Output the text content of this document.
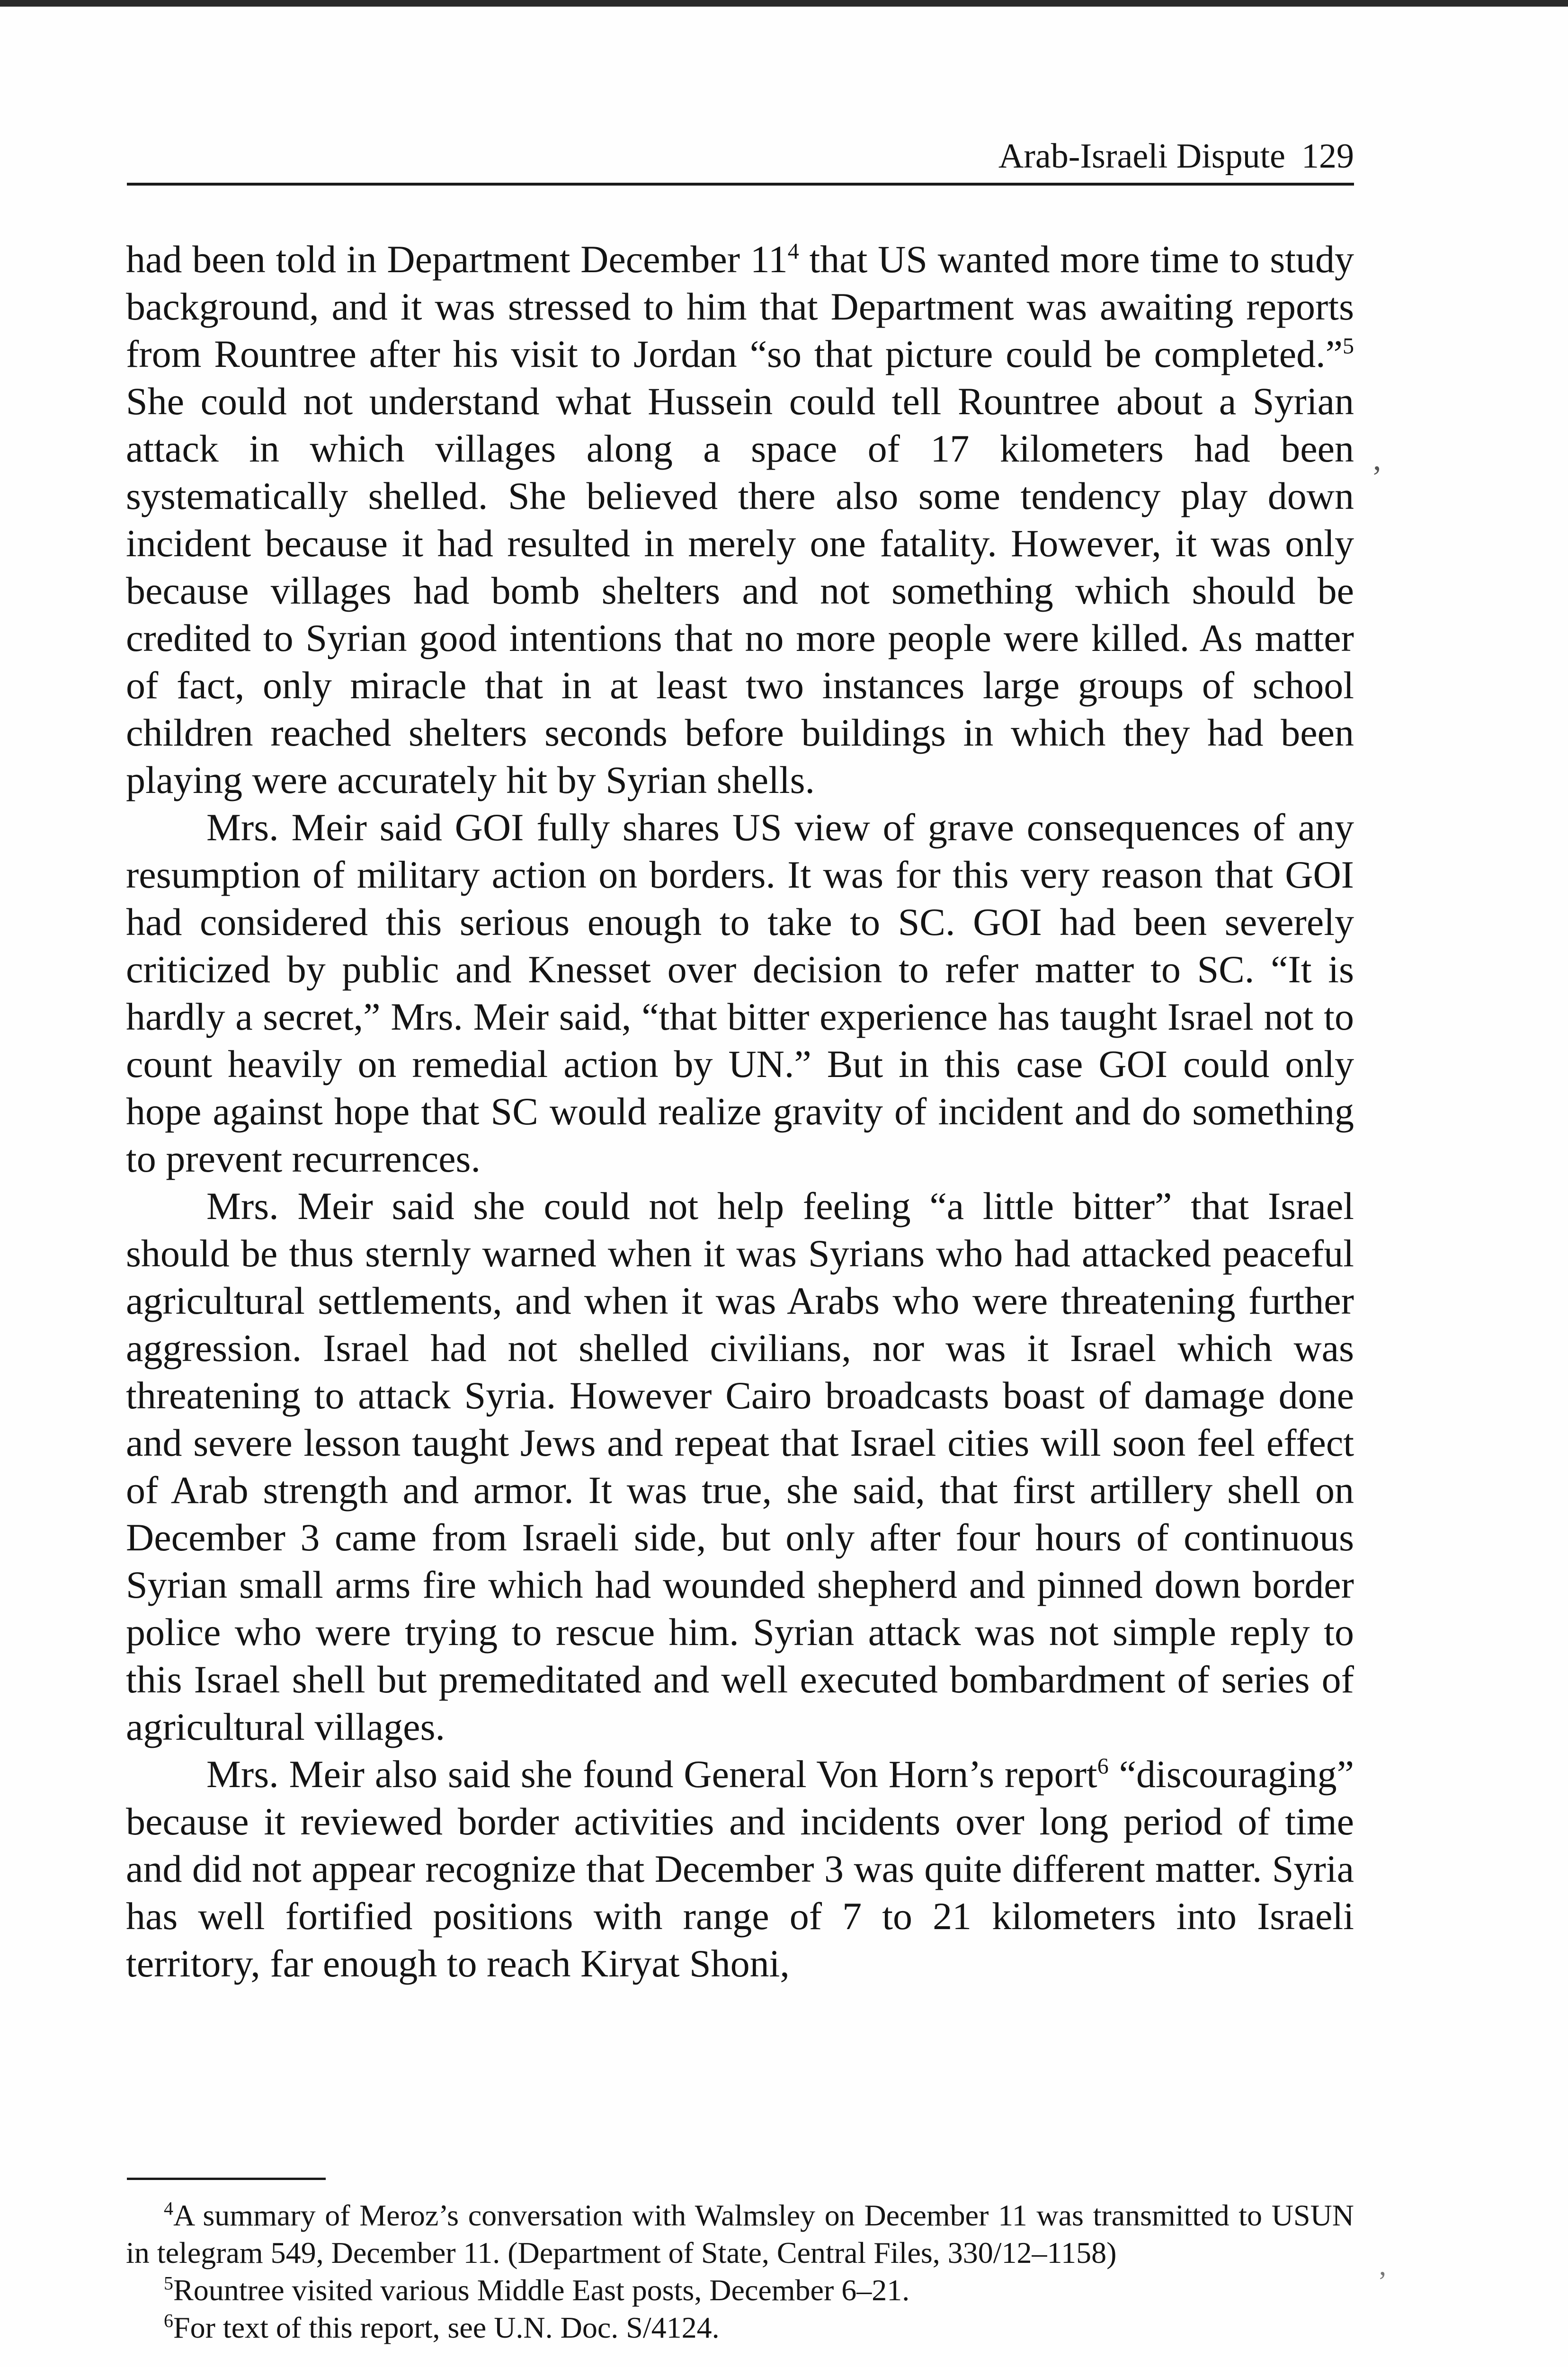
Arab-Israeli Dispute 129
,

had been told in Department December $11^4$ that US wanted more time to study background, and it was stressed to him that Department was awaiting reports from Rountree after his visit to Jordan “so that picture could be completed.”$^5$ She could not understand what Hussein could tell Rountree about a Syrian attack in which villages along a space of 17 kilometers had been systematically shelled. She believed there also some tendency play down incident because it had resulted in merely one fatality. However, it was only because villages had bomb shelters and not something which should be credited to Syrian good intentions that no more people were killed. As matter of fact, only miracle that in at least two instances large groups of school children reached shelters seconds before buildings in which they had been playing were accurately hit by Syrian shells.

Mrs. Meir said GOI fully shares US view of grave consequences of any resumption of military action on borders. It was for this very reason that GOI had considered this serious enough to take to SC. GOI had been severely criticized by public and Knesset over decision to refer matter to SC. “It is hardly a secret,” Mrs. Meir said, “that bitter experience has taught Israel not to count heavily on remedial action by UN.” But in this case GOI could only hope against hope that SC would realize gravity of incident and do something to prevent recurrences.

Mrs. Meir said she could not help feeling “a little bitter” that Israel should be thus sternly warned when it was Syrians who had attacked peaceful agricultural settlements, and when it was Arabs who were threatening further aggression. Israel had not shelled civilians, nor was it Israel which was threatening to attack Syria. However Cairo broadcasts boast of damage done and severe lesson taught Jews and repeat that Israel cities will soon feel effect of Arab strength and armor. It was true, she said, that first artillery shell on December 3 came from Israeli side, but only after four hours of continuous Syrian small arms fire which had wounded shepherd and pinned down border police who were trying to rescue him. Syrian attack was not simple reply to this Israel shell but premeditated and well executed bombardment of series of agricultural villages.

Mrs. Meir also said she found General Von Horn’s report$^6$ “discouraging” because it reviewed border activities and incidents over long period of time and did not appear recognize that December 3 was quite different matter. Syria has well fortified positions with range of 7 to 21 kilometers into Israeli territory, far enough to reach Kiryat Shoni,

$^4$A summary of Meroz’s conversation with Walmsley on December 11 was transmitted to USUN in telegram 549, December 11. (Department of State, Central Files, 330/12–1158)

$^5$Rountree visited various Middle East posts, December 6–21.

$^6$For text of this report, see U.N. Doc. S/4124.

’
